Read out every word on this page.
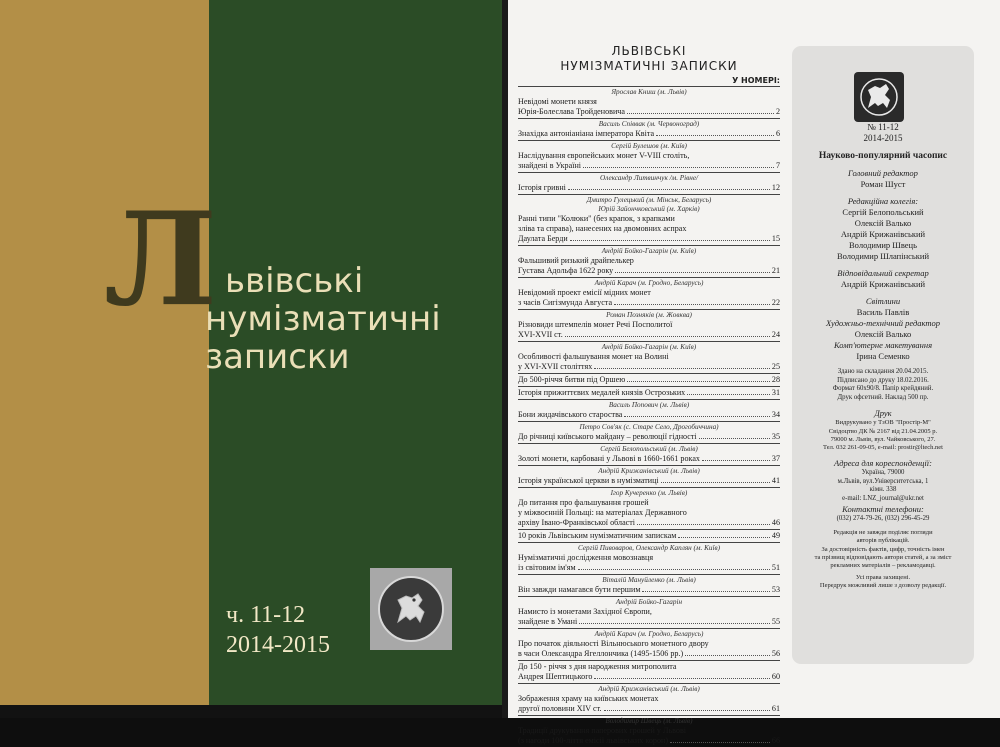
Л ьвівські
нумізматичні
записки
ч. 11-12
2014-2015
ЛЬВІВСЬКІ
НУМІЗМАТИЧНІ ЗАПИСКИ
У НОМЕРІ:
Ярослав Книш (м. Львів)
Невідомі монети князя
Юрія-Болеслава Тройденовича	2
Василь Співвак (м. Червоноград)
Знахідка антоніаніана імператора Квіта	6
Сергій Булешов (м. Київ)
Наслідування європейських монет V-VIII століть,
знайдені в Україні	7
Олександр Литвинчук /м. Рівне/
Історія гривні	12
Дмитро Гулецький (м. Мінськ, Беларусь)
Юрій Зайончковський (м. Харків)
Ранні типи "Колюки" (без крапок, з крапками
зліва та справа), нанесених на двомовних аспрах
Даулата Берди	15
Андрій Бойко-Гагарін (м. Київ)
Фальшивий ризький драйпелькер
Густава Адольфа 1622 року	21
Андрій Карач (м. Гродно, Беларусь)
Невідомий проект емісії мідних монет
з часів Сигізмунда Августа	22
Роман Позняків (м. Жовква)
Різновиди штемпелів монет Речі Посполитої
XVI-XVII ст.	24
Андрій Бойко-Гагарін (м. Київ)
Особливості фальшування монет на Волині
у XVI-XVII століттях	25
До 500-річчя битви під Оршею	28
Історія прижиттєвих медалей князів Острозьких	31
Василь Попович (м. Львів)
Бони жидачівського староства	34
Петро Сов'як (с. Старе Село, Дрогобиччина)
До річниці київського майдану – революції гідності	35
Сергій Белопольський (м. Львів)
Золоті монети, карбовані у Львові в 1660-1661 роках	37
Андрій Крижанівський (м. Львів)
Історія української церкви в нумізматиці	41
Ігор Кучеренко (м. Львів)
До питання про фальшування грошей
у міжвоєнній Польщі: на матеріалах Державного
архіву Івано-Франківської області	46
10 років Львівським нумізматичним запискам	49
Сергій Пивоваров, Олександр Каплян (м. Київ)
Нумізматичні дослідження мовознавця
із світовим ім'ям	51
Віталій Мануйленко (м. Львів)
Він завжди намагався бути першим	53
Андрій Бойко-Гагарін
Намисто із монетами Західної Європи,
знайдене в Умані	55
Андрій Карач (м. Гродно, Беларусь)
Про початок діяльності Вільнюського монетного двору
в часи Олександра Ягеллончика (1495-1506 рр.)	56
До 150 - річчя з дня народження митрополита
Андрея Шептицького	60
Андрій Крижанівський (м. Львів)
Зображення храму на київських монетах
другої половини XIV ст.	61
Володимир Швець (м. Львів)
Традиції друкування паперових грошей у Львові
(з нагоди 100-ліття емісії львівських корон)	66
№ 11-12
2014-2015
Науково-популярний часопис
Головний редактор
Роман Шуст
Редакційна колегія:
Сергій Белопольський
Олексій Валько
Андрій Крижанівський
Володимир Швець
Володимир Шлапінський
Відповідальний секретар
Андрій Крижанівський
Світлини
Василь Павлів
Художньо-технічний редактор
Олексій Валько
Комп'ютерне макетування
Ірина Семенко
Здано на складання 20.04.2015.
Підписано до друку 18.02.2016.
Формат 60х90/8. Папір крейдяний.
Друк офсетний. Наклад 500 пр.
Друк
Видрукувано у ТзОВ "Простір-М"
Свідоцтво ДК № 2167 від 21.04.2005 р.
79000 м. Львів, вул. Чайковського, 27.
Тел. 032 261-09-05, e-mail: prostir@ltech.net
Адреса для кореспонденції:
Україна, 79000
м.Львів, вул.Університетська, 1
кімн. 338
e-mail: LNZ_journal@ukr.net
Контактні телефони:
(032) 274-79-26, (032) 296-45-29
Редакція не завжди поділяє погляди
авторів публікацій.
За достовірність фактів, цифр, точність імен
та прізвищ відповідають автори статей, а за зміст
рекламних матеріалів – рекламодавці.
Усі права захищені.
Передрук можливий лише з дозволу редакції.
